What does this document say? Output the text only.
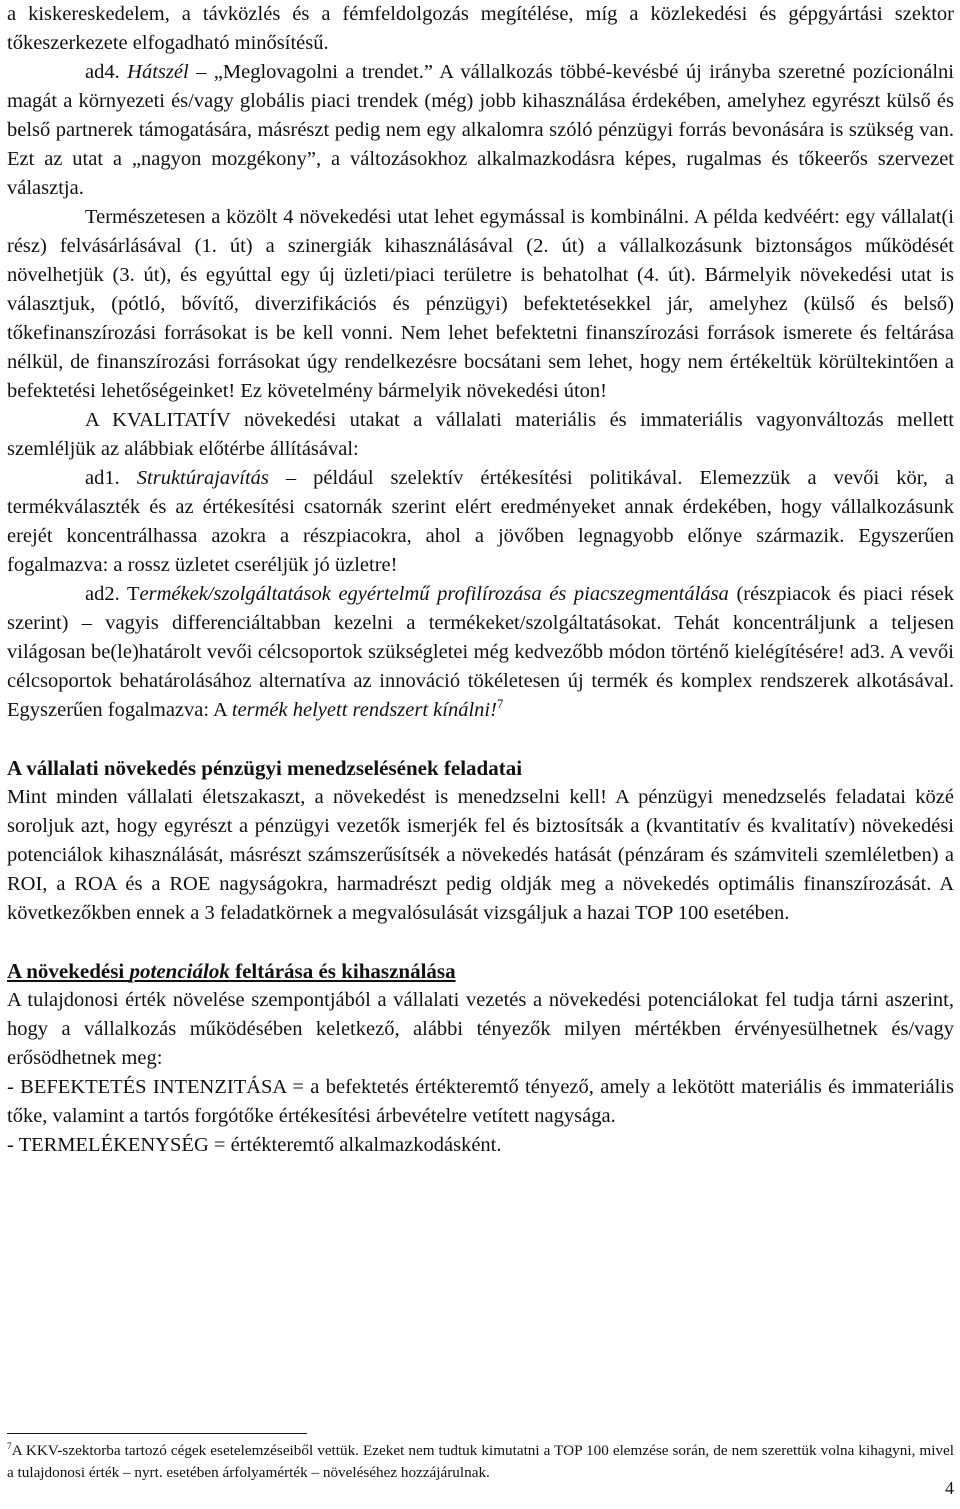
a kiskereskedelem, a távközlés és a fémfeldolgozás megítélése, míg a közlekedési és gépgyártási szektor tőkeszerkezete elfogadható minősítésű.

ad4. Hátszél – „Meglovagolni a trendet.” A vállalkozás többé-kevésbé új irányba szeretné pozícionálni magát a környezeti és/vagy globális piaci trendek (még) jobb kihasználása érdekében, amelyhez egyrészt külső és belső partnerek támogatására, másrészt pedig nem egy alkalomra szóló pénzügyi forrás bevonására is szükség van. Ezt az utat a „nagyon mozgékony”, a változásokhoz alkalmazkodásra képes, rugalmas és tőkeerős szervezet választja.

Természetesen a közölt 4 növekedési utat lehet egymással is kombinálni. A példa kedvéért: egy vállalat(i rész) felvásárlásával (1. út) a szinergiák kihasználásával (2. út) a vállalkozásunk biztonságos működését növelhetjük (3. út), és egyúttal egy új üzleti/piaci területre is behatolhat (4. út). Bármelyik növekedési utat is választjuk, (pótló, bővítő, diverzifikációs és pénzügyi) befektetésekkel jár, amelyhez (külső és belső) tőkefinanszírozási forrásokat is be kell vonni. Nem lehet befektetni finanszírozási források ismerete és feltárása nélkül, de finanszírozási forrásokat úgy rendelkezésre bocsátani sem lehet, hogy nem értékeltük körültekintően a befektetési lehetőségeinket! Ez követelmény bármelyik növekedési úton!

A KVALITATÍV növekedési utakat a vállalati materiális és immateriális vagyonváltozás mellett szemléljük az alábbiak előtérbe állításával:

ad1. Struktúrajavítás – például szelektív értékesítési politikával. Elemezzük a vevői kör, a termékválaszték és az értékesítési csatornák szerint elért eredményeket annak érdekében, hogy vállalkozásunk erejét koncentrálhassa azokra a részpiacokra, ahol a jövőben legnagyobb előnye származik. Egyszerűen fogalmazva: a rossz üzletet cseréljük jó üzletre!

ad2. Termékek/szolgáltatások egyértelmű profilírozása és piacszegmentálása (részpiacok és piaci rések szerint) – vagyis differenciáltabban kezelni a termékeket/szolgáltatásokat. Tehát koncentráljunk a teljesen világosan be(le)határolt vevői célcsoportok szükségletei még kedvezőbb módon történő kielégítésére! ad3. A vevői célcsoportok behatárolásához alternatíva az innováció tökéletesen új termék és komplex rendszerek alkotásával. Egyszerűen fogalmazva: A termék helyett rendszert kínálni!$^7$

A vállalati növekedés pénzügyi menedzselésének feladatai

Mint minden vállalati életszakaszt, a növekedést is menedzselni kell! A pénzügyi menedzselés feladatai közé soroljuk azt, hogy egyrészt a pénzügyi vezetők ismerjék fel és biztosítsák a (kvantitatív és kvalitatív) növekedési potenciálok kihasználását, másrészt számszerűsítsék a növekedés hatását (pénzáram és számviteli szemléletben) a ROI, a ROA és a ROE nagyságokra, harmadrészt pedig oldják meg a növekedés optimális finanszírozását. A következőkben ennek a 3 feladatkörnek a megvalósulását vizsgáljuk a hazai TOP 100 esetében.

A növekedési potenciálok feltárása és kihasználása

A tulajdonosi érték növelése szempontjából a vállalati vezetés a növekedési potenciálokat fel tudja tárni aszerint, hogy a vállalkozás működésében keletkező, alábbi tényezők milyen mértékben érvényesülhetnek és/vagy erősödhetnek meg:

- BEFEKTETÉS INTENZITÁSA = a befektetés értékteremtő tényező, amely a lekötött materiális és immateriális tőke, valamint a tartós forgótőke értékesítési árbevételre vetített nagysága.

- TERMELÉKENYSÉG = értékteremtő alkalmazkodásként.

$^7$A KKV-szektorba tartozó cégek esetelemzéseiből vettük. Ezeket nem tudtuk kimutatni a TOP 100 elemzése során, de nem szerettük volna kihagyni, mivel a tulajdonosi érték – nyrt. esetében árfolyamérték – növeléséhez hozzájárulnak.

4
